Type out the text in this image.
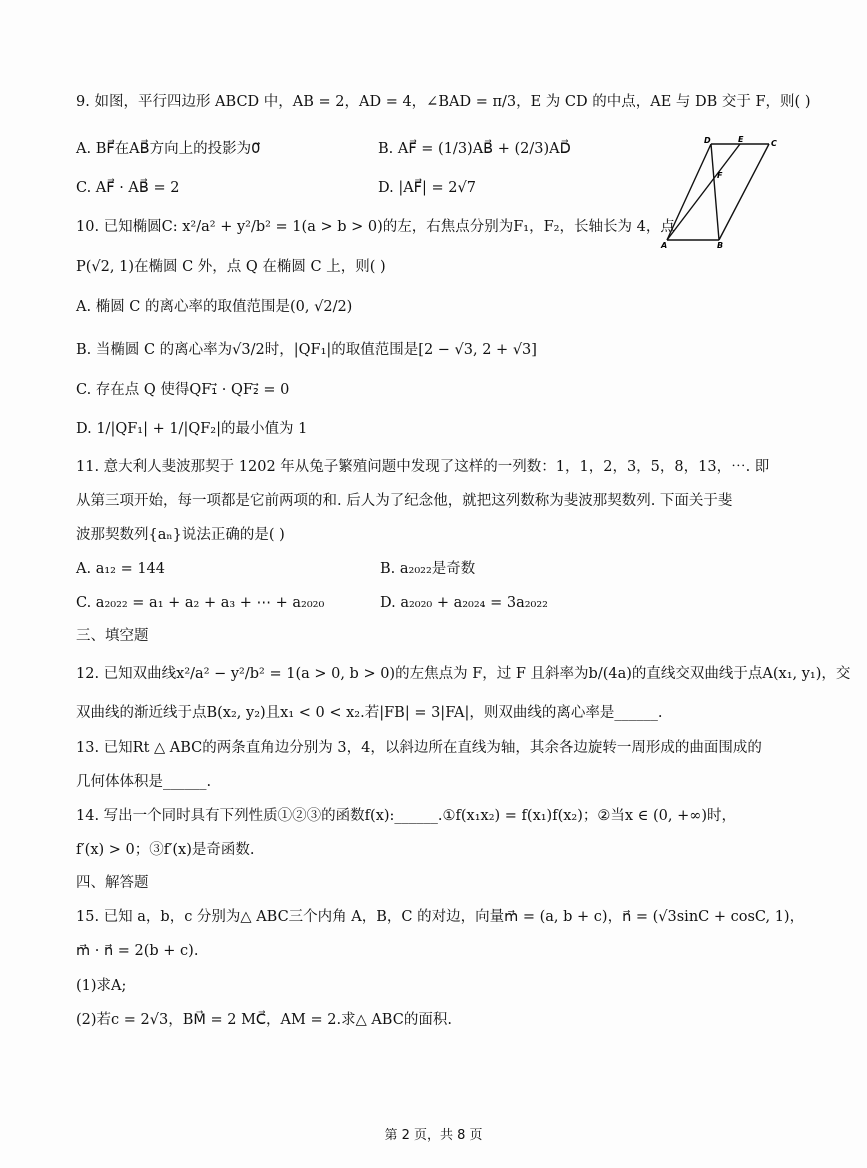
9. 如图，平行四边形 ABCD 中，AB = 2，AD = 4，∠BAD = π/3，E 为 CD 的中点，AE 与 DB 交于 F，则( )
A. BF⃗在AB⃗方向上的投影为0⃗	B. AF⃗ = (1/3)AB⃗ + (2/3)AD⃗
C. AF⃗ · AB⃗ = 2	D. |AF⃗| = 2√7
A	B
C
D	E
F
10. 已知椭圆C: x²/a² + y²/b² = 1(a > b > 0)的左，右焦点分别为F₁，F₂，长轴长为 4，点
P(√2, 1)在椭圆 C 外，点 Q 在椭圆 C 上，则( )
A. 椭圆 C 的离心率的取值范围是(0, √2/2)
B. 当椭圆 C 的离心率为√3/2时，|QF₁|的取值范围是[2 − √3, 2 + √3]
C. 存在点 Q 使得QF₁⃗ · QF₂⃗ = 0
D. 1/|QF₁| + 1/|QF₂|的最小值为 1
11. 意大利人斐波那契于 1202 年从兔子繁殖问题中发现了这样的一列数：1，1，2，3，5，8，13，⋯. 即
从第三项开始，每一项都是它前两项的和. 后人为了纪念他，就把这列数称为斐波那契数列. 下面关于斐
波那契数列{aₙ}说法正确的是( )
A. a₁₂ = 144	B. a₂₀₂₂是奇数
C. a₂₀₂₂ = a₁ + a₂ + a₃ + ⋯ + a₂₀₂₀	D. a₂₀₂₀ + a₂₀₂₄ = 3a₂₀₂₂
三、填空题
12. 已知双曲线x²/a² − y²/b² = 1(a > 0, b > 0)的左焦点为 F，过 F 且斜率为b/(4a)的直线交双曲线于点A(x₁, y₁)，交
双曲线的渐近线于点B(x₂, y₂)且x₁ < 0 < x₂.若|FB| = 3|FA|，则双曲线的离心率是______.
13. 已知Rt △ ABC的两条直角边分别为 3，4，以斜边所在直线为轴，其余各边旋转一周形成的曲面围成的
几何体体积是______.
14. 写出一个同时具有下列性质①②③的函数f(x):______.①f(x₁x₂) = f(x₁)f(x₂)；②当x ∈ (0, +∞)时，
f′(x) > 0；③f′(x)是奇函数.
四、解答题
15. 已知 a，b，c 分别为△ ABC三个内角 A，B，C 的对边，向量m⃗ = (a, b + c)，n⃗ = (√3sinC + cosC, 1)，
m⃗ · n⃗ = 2(b + c).
(1)求A;
(2)若c = 2√3，BM⃗ = 2 MC⃗，AM = 2.求△ ABC的面积.
第 2 页，共 8 页
